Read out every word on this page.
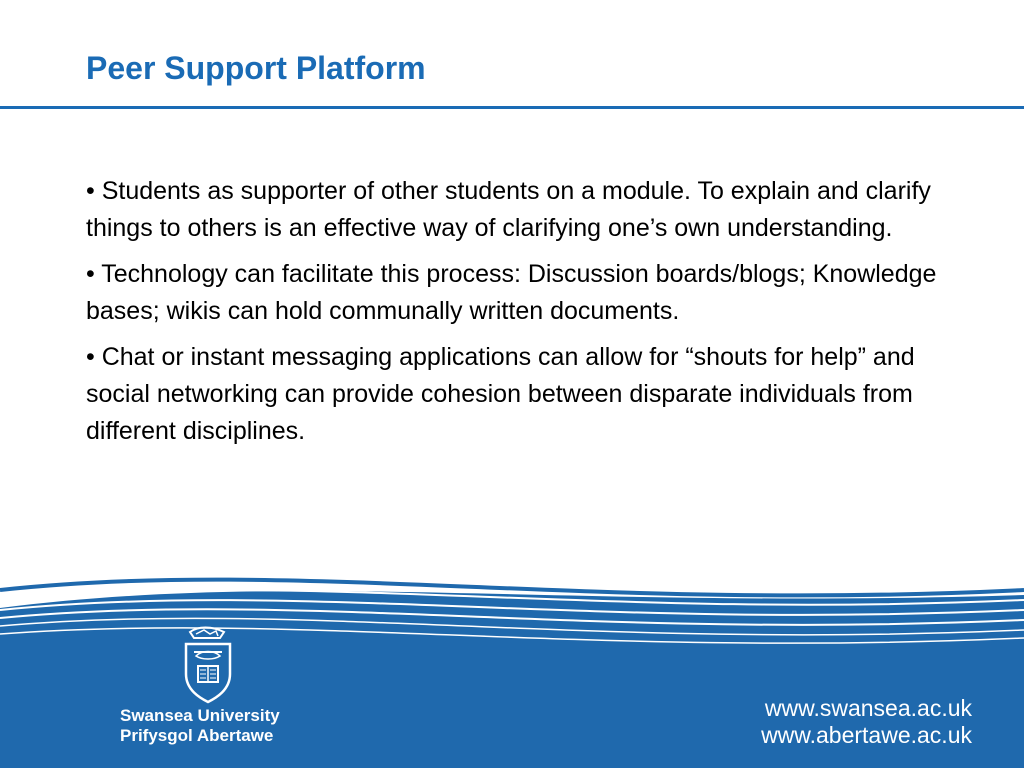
Peer Support Platform

• Students as supporter of other students on a module. To explain and clarify things to others is an effective way of clarifying one’s own understanding.

• Technology can facilitate this process: Discussion boards/blogs; Knowledge bases; wikis can hold communally written documents.

• Chat or instant messaging applications can allow for “shouts for help” and social networking can provide cohesion between disparate individuals from different disciplines.

Swansea University
Prifysgol Abertawe
www.swansea.ac.uk
www.abertawe.ac.uk
